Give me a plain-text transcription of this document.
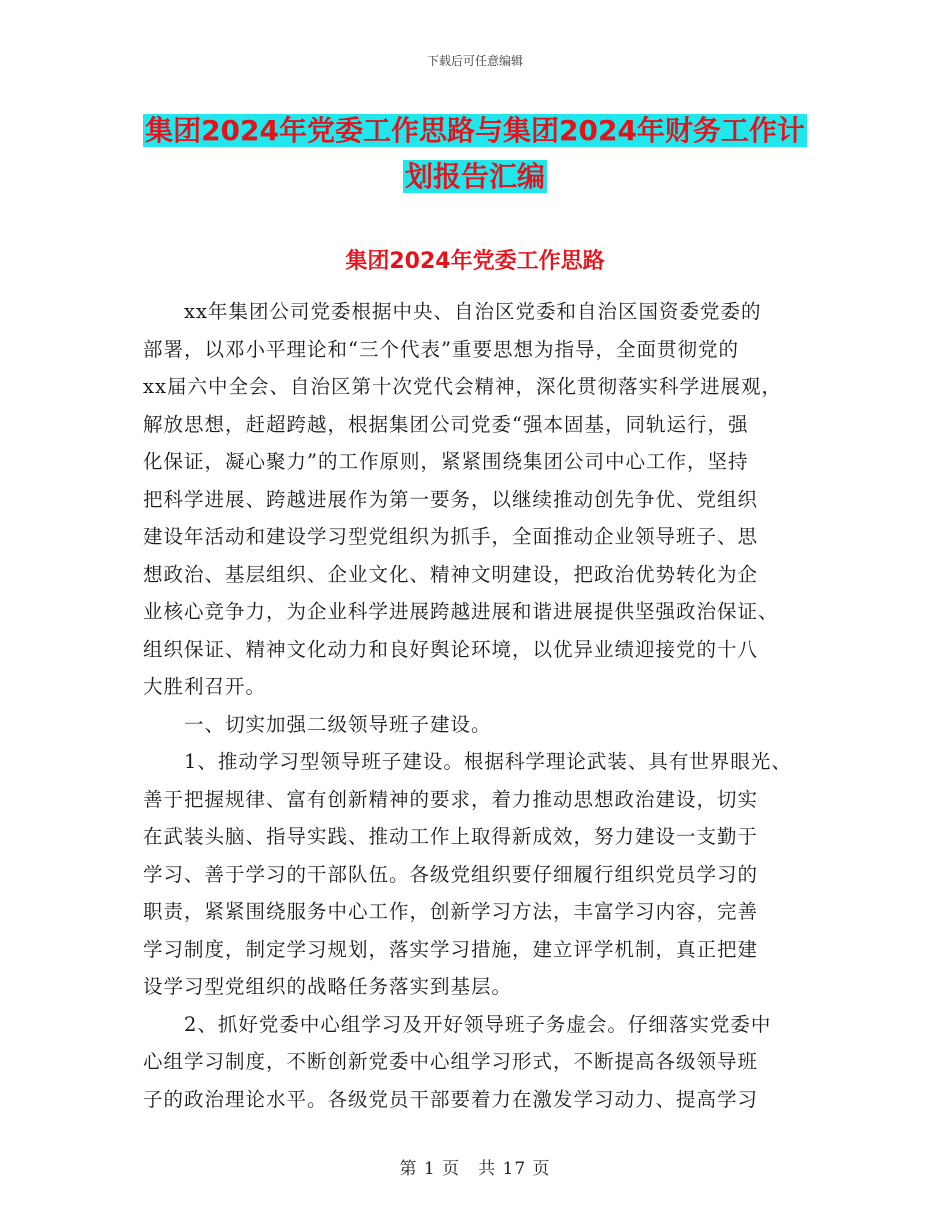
下载后可任意编辑
集团2024年党委工作思路与集团2024年财务工作计
划报告汇编
集团2024年党委工作思路
　　xx年集团公司党委根据中央、自治区党委和自治区国资委党委的
部署，以邓小平理论和“三个代表”重要思想为指导，全面贯彻党的
xx届六中全会、自治区第十次党代会精神，深化贯彻落实科学进展观，
解放思想，赶超跨越，根据集团公司党委“强本固基，同轨运行，强
化保证，凝心聚力”的工作原则，紧紧围绕集团公司中心工作，坚持
把科学进展、跨越进展作为第一要务，以继续推动创先争优、党组织
建设年活动和建设学习型党组织为抓手，全面推动企业领导班子、思
想政治、基层组织、企业文化、精神文明建设，把政治优势转化为企
业核心竞争力，为企业科学进展跨越进展和谐进展提供坚强政治保证、
组织保证、精神文化动力和良好舆论环境，以优异业绩迎接党的十八
大胜利召开。
　　一、切实加强二级领导班子建设。
　　1、推动学习型领导班子建设。根据科学理论武装、具有世界眼光、
善于把握规律、富有创新精神的要求，着力推动思想政治建设，切实
在武装头脑、指导实践、推动工作上取得新成效，努力建设一支勤于
学习、善于学习的干部队伍。各级党组织要仔细履行组织党员学习的
职责，紧紧围绕服务中心工作，创新学习方法，丰富学习内容，完善
学习制度，制定学习规划，落实学习措施，建立评学机制，真正把建
设学习型党组织的战略任务落实到基层。
　　2、抓好党委中心组学习及开好领导班子务虚会。仔细落实党委中
心组学习制度，不断创新党委中心组学习形式，不断提高各级领导班
子的政治理论水平。各级党员干部要着力在激发学习动力、提高学习
第 1 页　共 17 页
